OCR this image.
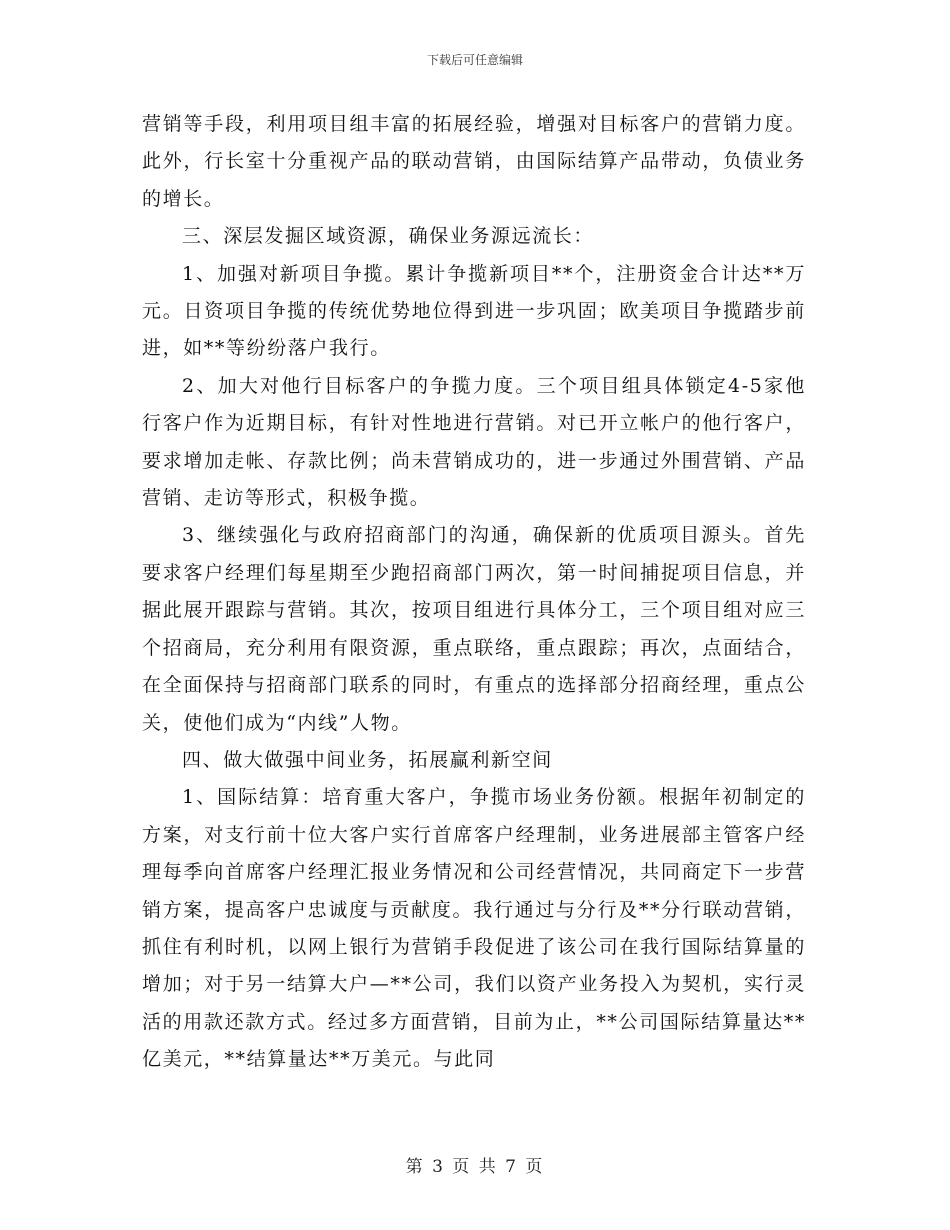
下载后可任意编辑

营销等手段，利用项目组丰富的拓展经验，增强对目标客户的营销力度。此外，行长室十分重视产品的联动营销，由国际结算产品带动，负债业务的增长。

三、深层发掘区域资源，确保业务源远流长：

1、加强对新项目争揽。累计争揽新项目**个，注册资金合计达**万元。日资项目争揽的传统优势地位得到进一步巩固；欧美项目争揽踏步前进，如**等纷纷落户我行。

2、加大对他行目标客户的争揽力度。三个项目组具体锁定4-5家他行客户作为近期目标，有针对性地进行营销。对已开立帐户的他行客户，要求增加走帐、存款比例；尚未营销成功的，进一步通过外围营销、产品营销、走访等形式，积极争揽。

3、继续强化与政府招商部门的沟通，确保新的优质项目源头。首先要求客户经理们每星期至少跑招商部门两次，第一时间捕捉项目信息，并据此展开跟踪与营销。其次，按项目组进行具体分工，三个项目组对应三个招商局，充分利用有限资源，重点联络，重点跟踪；再次，点面结合，在全面保持与招商部门联系的同时，有重点的选择部分招商经理，重点公关，使他们成为“内线”人物。

四、做大做强中间业务，拓展赢利新空间

1、国际结算：培育重大客户，争揽市场业务份额。根据年初制定的方案，对支行前十位大客户实行首席客户经理制，业务进展部主管客户经理每季向首席客户经理汇报业务情况和公司经营情况，共同商定下一步营销方案，提高客户忠诚度与贡献度。我行通过与分行及**分行联动营销，抓住有利时机，以网上银行为营销手段促进了该公司在我行国际结算量的增加；对于另一结算大户—**公司，我们以资产业务投入为契机，实行灵活的用款还款方式。经过多方面营销，目前为止，**公司国际结算量达**亿美元，**结算量达**万美元。与此同

第 3 页 共 7 页
